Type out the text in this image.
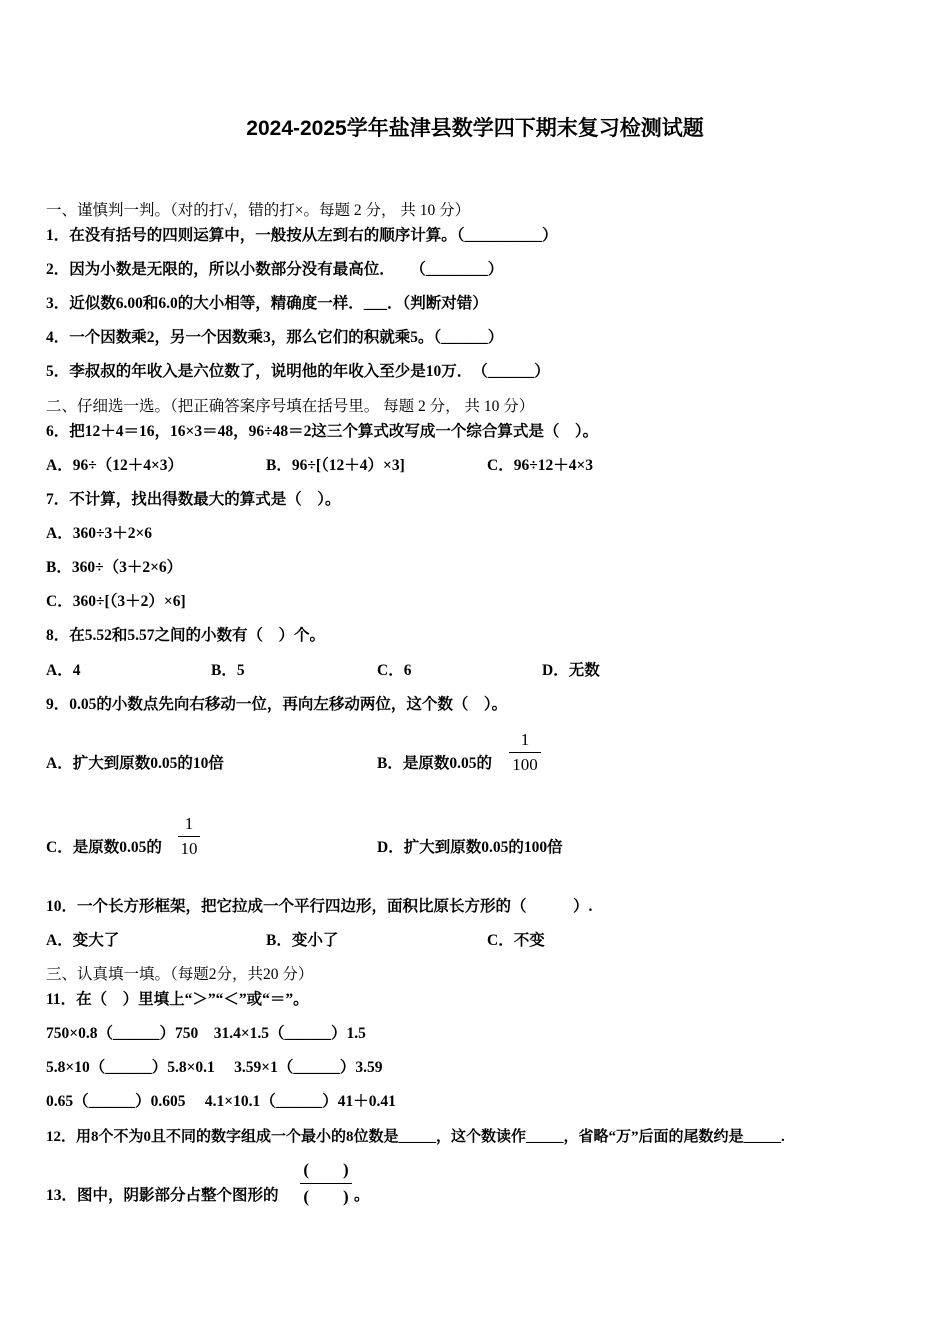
2024-2025学年盐津县数学四下期末复习检测试题
一、谨慎判一判。（对的打√，错的打×。每题 2 分， 共 10 分）
1．在没有括号的四则运算中，一般按从左到右的顺序计算。（__________）
2．因为小数是无限的，所以小数部分没有最高位．　　（________）
3．近似数6.00和6.0的大小相等，精确度一样．___．（判断对错）
4．一个因数乘2，另一个因数乘3，那么它们的积就乘5。（______）
5．李叔叔的年收入是六位数了，说明他的年收入至少是10万．　（______）
二、仔细选一选。（把正确答案序号填在括号里。 每题 2 分， 共 10 分）
6．把12＋4＝16，16×3＝48，96÷48＝2这三个算式改写成一个综合算式是（　）。
A．96÷（12＋4×3）	B．96÷[（12＋4）×3]	C．96÷12＋4×3
7．不计算，找出得数最大的算式是（　）。
A．360÷3＋2×6
B．360÷（3＋2×6）
C．360÷[（3＋2）×6]
8．在5.52和5.57之间的小数有（　）个。
A．4	B．5	C．6	D．无数
9．0.05的小数点先向右移动一位，再向左移动两位，这个数（　）。
A．扩大到原数0.05的10倍	B．是原数0.05的
1
100
C．是原数0.05的
1
10	D．扩大到原数0.05的100倍
10．一个长方形框架，把它拉成一个平行四边形，面积比原长方形的（　　　）.
A．变大了	B．变小了	C．不变
三、认真填一填。（每题2分，共20 分）
11．在（　）里填上“＞”“＜”或“＝”。
750×0.8（______）750　31.4×1.5（______）1.5
5.8×10（______）5.8×0.1　 3.59×1（______）3.59
0.65（______）0.605　 4.1×10.1（______）41＋0.41
12．用8个不为0且不同的数字组成一个最小的8位数是_____，这个数读作_____，省略“万”后面的尾数约是_____.
13．图中，阴影部分占整个图形的
(　　)
(　　) 。
